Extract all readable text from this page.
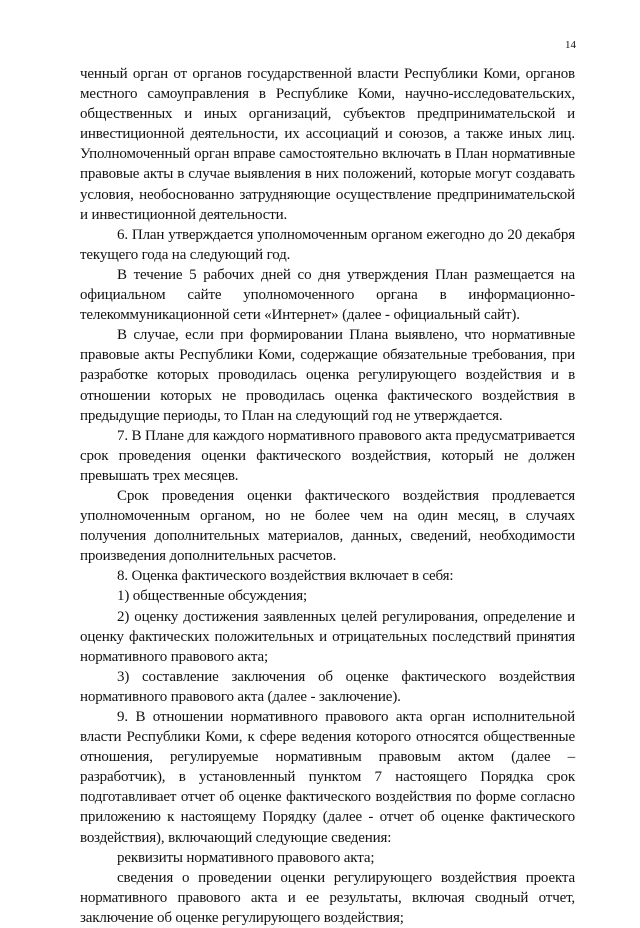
14

ченный орган от органов государственной власти Республики Коми, органов местного самоуправления в Республике Коми, научно-исследовательских, общественных и иных организаций, субъектов предпринимательской и инвестиционной деятельности, их ассоциаций и союзов, а также иных лиц. Уполномоченный орган вправе самостоятельно включать в План нормативные правовые акты в случае выявления в них положений, которые могут создавать условия, необоснованно затрудняющие осуществление предпринимательской и инвестиционной деятельности.

6. План утверждается уполномоченным органом ежегодно до 20 декабря текущего года на следующий год.

В течение 5 рабочих дней со дня утверждения План размещается на официальном сайте уполномоченного органа в информационно-телекоммуникационной сети «Интернет» (далее - официальный сайт).

В случае, если при формировании Плана выявлено, что нормативные правовые акты Республики Коми, содержащие обязательные требования, при разработке которых проводилась оценка регулирующего воздействия и в отношении которых не проводилась оценка фактического воздействия в предыдущие периоды, то План на следующий год не утверждается.

7. В Плане для каждого нормативного правового акта предусматривается срок проведения оценки фактического воздействия, который не должен превышать трех месяцев.

Срок проведения оценки фактического воздействия продлевается уполномоченным органом, но не более чем на один месяц, в случаях получения дополнительных материалов, данных, сведений, необходимости произведения дополнительных расчетов.

8. Оценка фактического воздействия включает в себя:

1) общественные обсуждения;

2) оценку достижения заявленных целей регулирования, определение и оценку фактических положительных и отрицательных последствий принятия нормативного правового акта;

3) составление заключения об оценке фактического воздействия нормативного правового акта (далее - заключение).

9. В отношении нормативного правового акта орган исполнительной власти Республики Коми, к сфере ведения которого относятся общественные отношения, регулируемые нормативным правовым актом (далее – разработчик), в установленный пунктом 7 настоящего Порядка срок подготавливает отчет об оценке фактического воздействия по форме согласно приложению к настоящему Порядку (далее - отчет об оценке фактического воздействия), включающий следующие сведения:

реквизиты нормативного правового акта;

сведения о проведении оценки регулирующего воздействия проекта нормативного правового акта и ее результаты, включая сводный отчет, заключение об оценке регулирующего воздействия;
